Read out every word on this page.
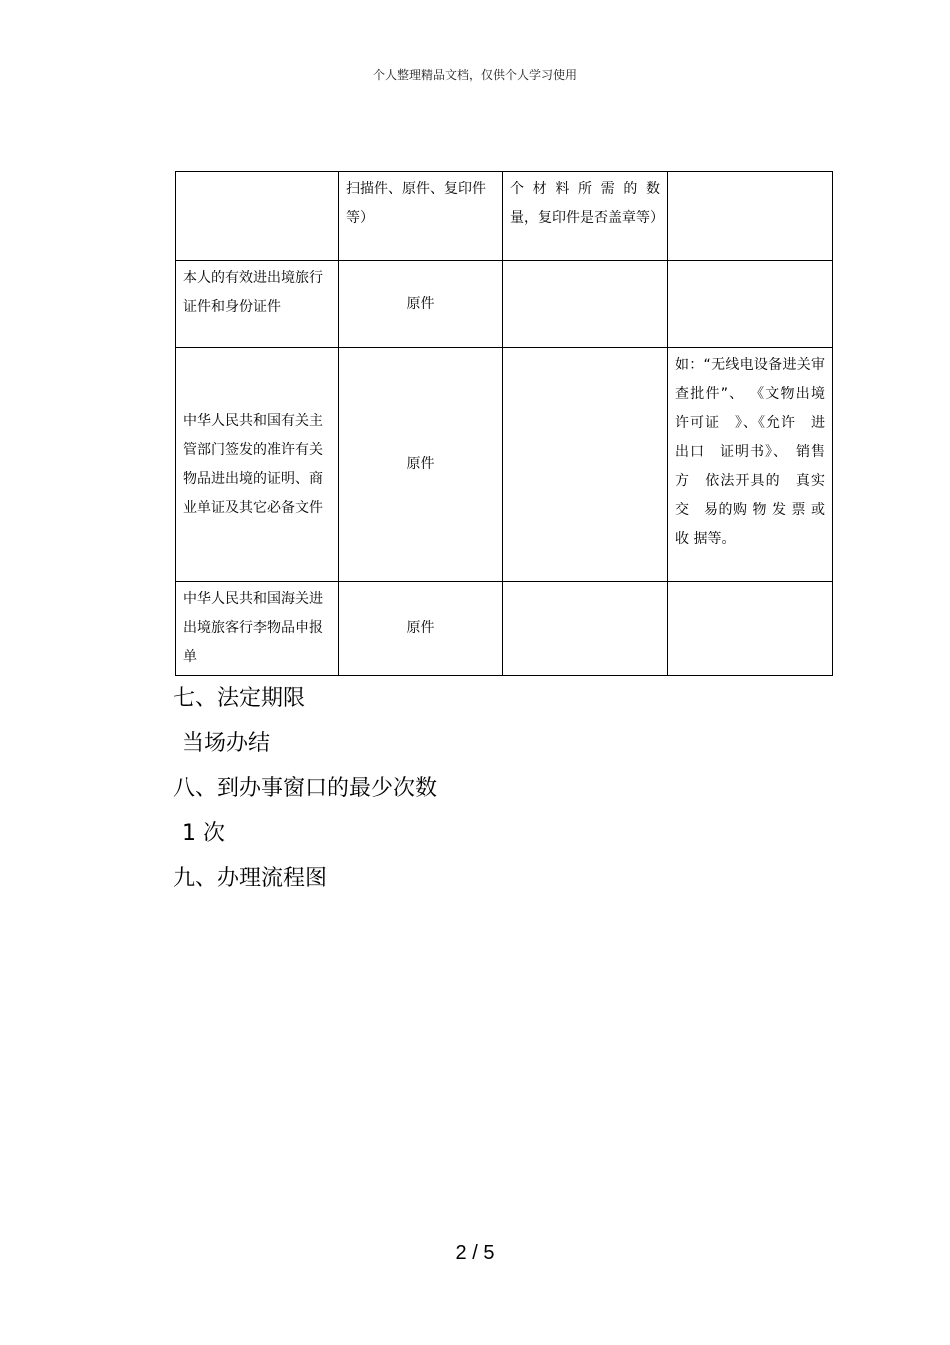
个人整理精品文档，仅供个人学习使用
	扫描件、原件、复印件等）	个 材 料 所 需 的 数 量，复印件是否盖章等）	
本人的有效进出境旅行证件和身份证件	原件		
中华人民共和国有关主管部门签发的准许有关物品进出境的证明、商业单证及其它必备文件	原件		如：“无线电设备进关审查批件”、 《文物出境　许可证　》、《允许　进出口　证明书》、　销售方　依法开具的　真实交　易的购 物 发 票 或 收 据等。
中华人民共和国海关进出境旅客行李物品申报单	原件		
七、法定期限
当场办结
八、到办事窗口的最少次数
1 次
九、办理流程图
2 / 5
